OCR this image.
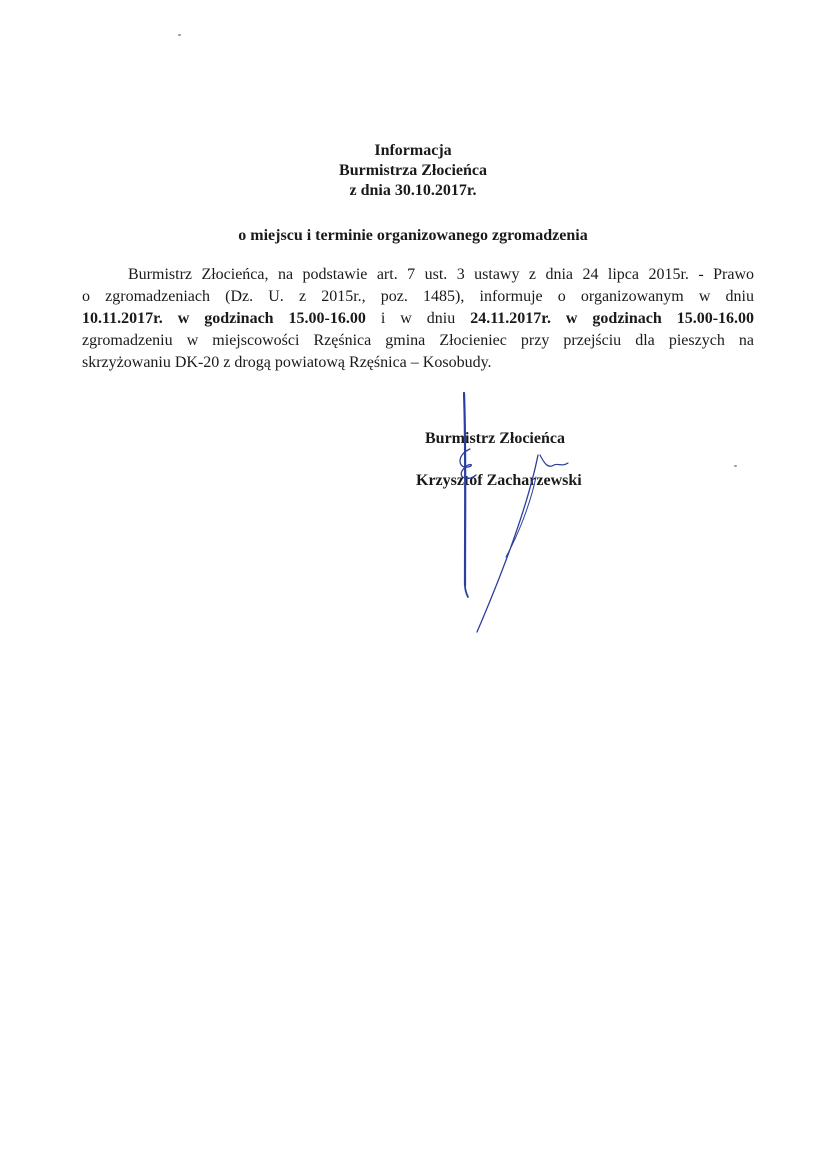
Informacja
Burmistrza Złocieńca
z dnia 30.10.2017r.
o miejscu i terminie organizowanego zgromadzenia
Burmistrz Złocieńca, na podstawie art. 7 ust. 3 ustawy z dnia 24 lipca 2015r. - Prawo
o zgromadzeniach (Dz. U. z 2015r., poz. 1485), informuje o organizowanym w dniu
10.11.2017r. w godzinach 15.00-16.00 i w dniu 24.11.2017r. w godzinach 15.00-16.00
zgromadzeniu w miejscowości Rzęśnica gmina Złocieniec przy przejściu dla pieszych na
skrzyżowaniu DK-20 z drogą powiatową Rzęśnica – Kosobudy.
Burmistrz Złocieńca
Krzysztof Zacharzewski
